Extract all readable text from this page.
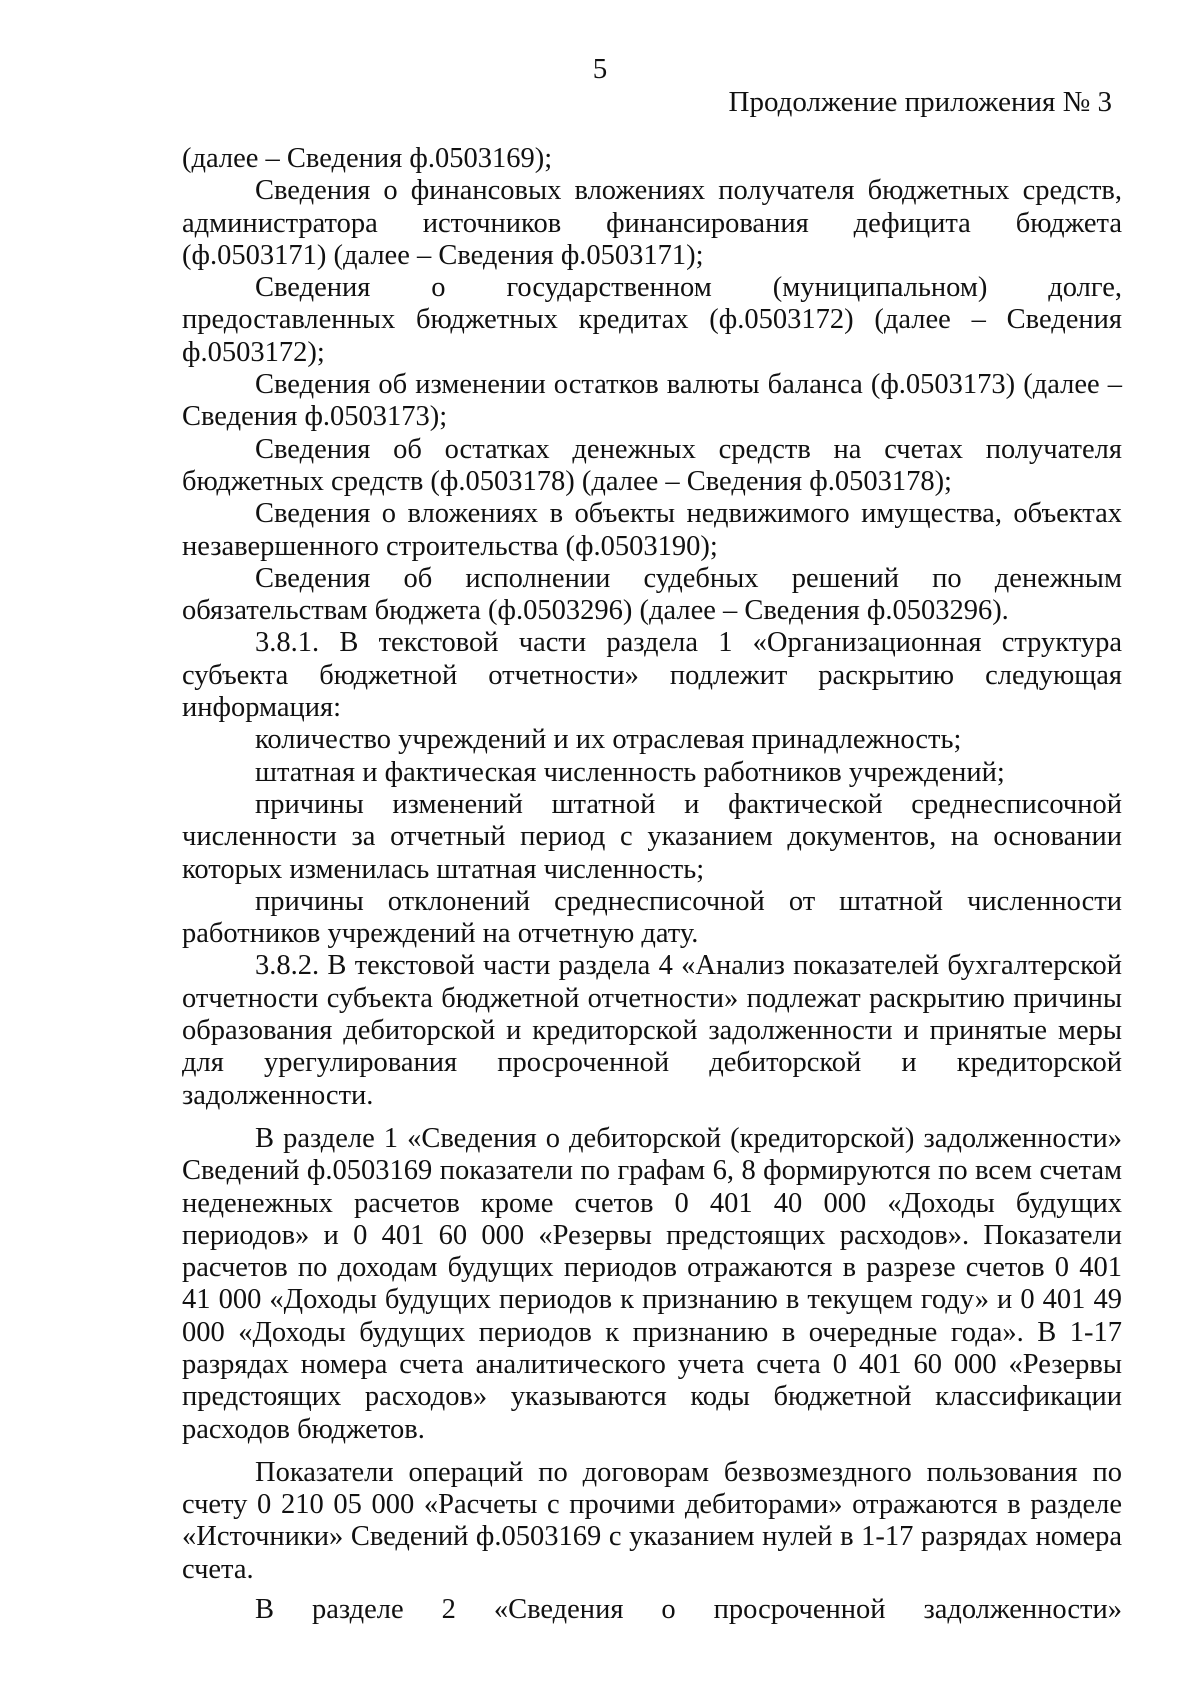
5
Продолжение приложения № 3

(далее – Сведения ф.0503169);

Сведения о финансовых вложениях получателя бюджетных средств, администратора источников финансирования дефицита бюджета (ф.0503171) (далее – Сведения ф.0503171);

Сведения о государственном (муниципальном) долге, предоставленных бюджетных кредитах (ф.0503172) (далее – Сведения ф.0503172);

Сведения об изменении остатков валюты баланса (ф.0503173) (далее – Сведения ф.0503173);

Сведения об остатках денежных средств на счетах получателя бюджетных средств (ф.0503178) (далее – Сведения ф.0503178);

Сведения о вложениях в объекты недвижимого имущества, объектах незавершенного строительства (ф.0503190);

Сведения об исполнении судебных решений по денежным обязательствам бюджета (ф.0503296) (далее – Сведения ф.0503296).

3.8.1. В текстовой части раздела 1 «Организационная структура субъекта бюджетной отчетности» подлежит раскрытию следующая информация:

количество учреждений и их отраслевая принадлежность;

штатная и фактическая численность работников учреждений;

причины изменений штатной и фактической среднесписочной численности за отчетный период с указанием документов, на основании которых изменилась штатная численность;

причины отклонений среднесписочной от штатной численности работников учреждений на отчетную дату.

3.8.2. В текстовой части раздела 4 «Анализ показателей бухгалтерской отчетности субъекта бюджетной отчетности» подлежат раскрытию причины образования дебиторской и кредиторской задолженности и принятые меры для урегулирования просроченной дебиторской и кредиторской задолженности.

В разделе 1 «Сведения о дебиторской (кредиторской) задолженности» Сведений ф.0503169 показатели по графам 6, 8 формируются по всем счетам неденежных расчетов кроме счетов 0 401 40 000 «Доходы будущих периодов» и 0 401 60 000 «Резервы предстоящих расходов». Показатели расчетов по доходам будущих периодов отражаются в разрезе счетов 0 401 41 000 «Доходы будущих периодов к признанию в текущем году» и 0 401 49 000 «Доходы будущих периодов к признанию в очередные года». В 1-17 разрядах номера счета аналитического учета счета 0 401 60 000 «Резервы предстоящих расходов» указываются коды бюджетной классификации расходов бюджетов.

Показатели операций по договорам безвозмездного пользования по счету 0 210 05 000 «Расчеты с прочими дебиторами» отражаются в разделе «Источники» Сведений ф.0503169 с указанием нулей в 1-17 разрядах номера счета.

В разделе 2 «Сведения о просроченной задолженности»
